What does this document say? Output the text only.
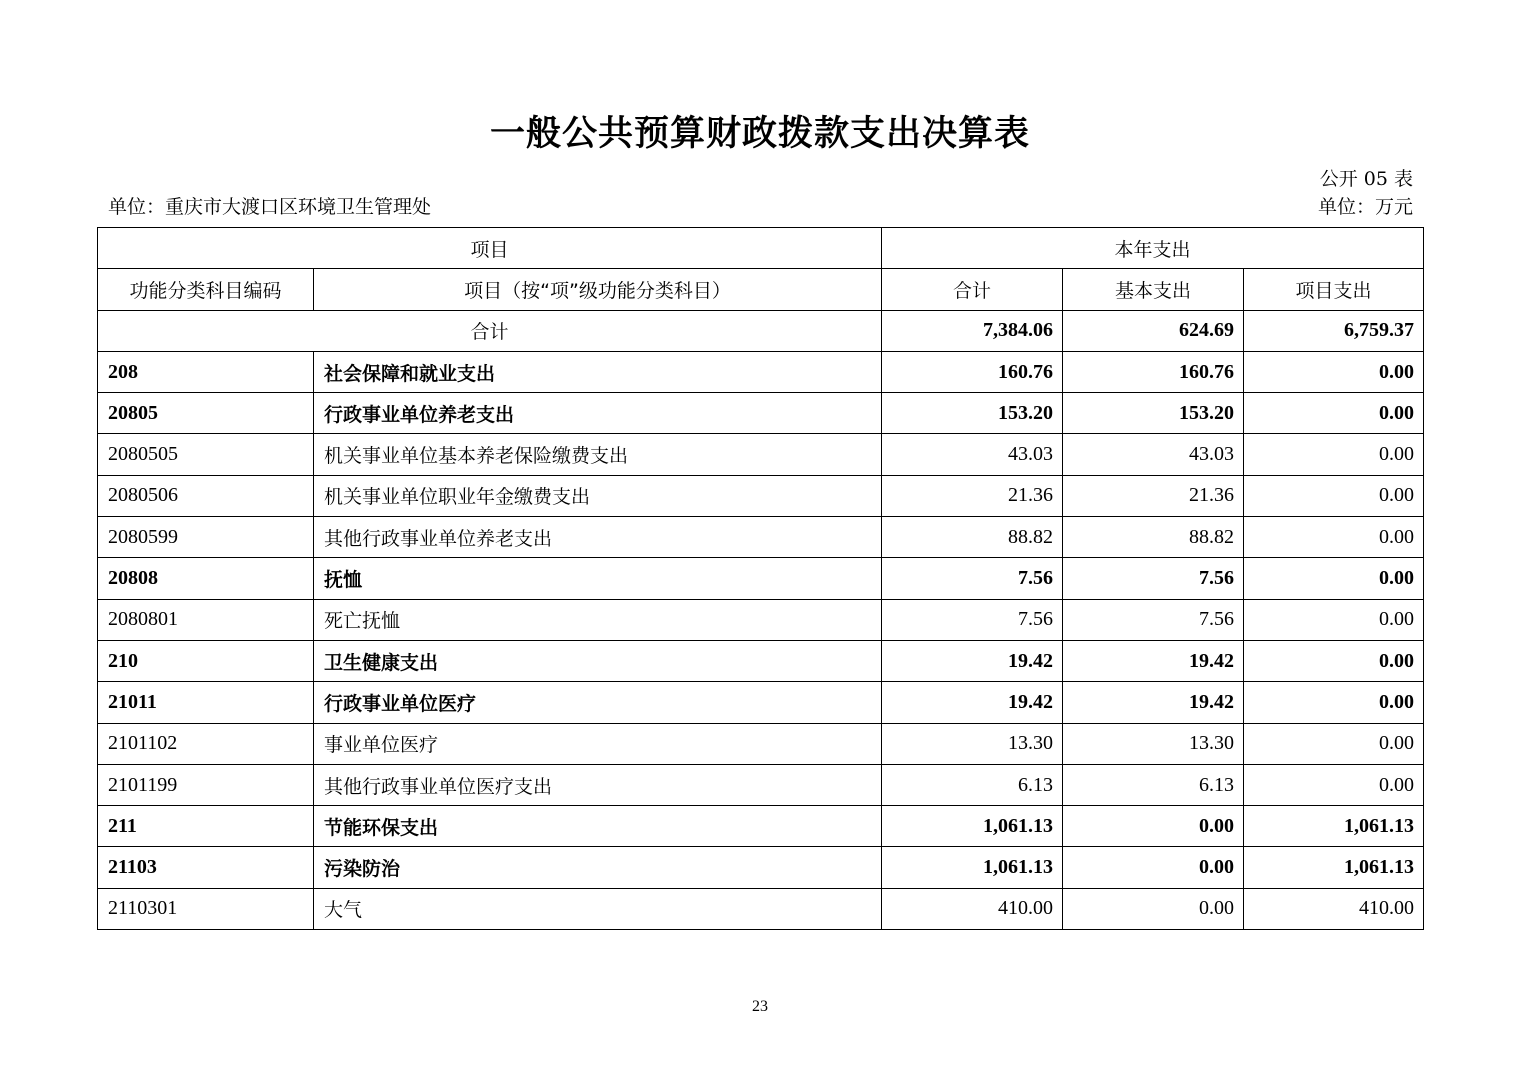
一般公共预算财政拨款支出决算表
公开 05 表
单位：重庆市大渡口区环境卫生管理处	单位：万元
项目		本年支出		
功能分类科目编码	项目（按“项”级功能分类科目）	合计	基本支出	项目支出
合计		7,384.06	624.69	6,759.37
208	社会保障和就业支出	160.76	160.76	0.00
20805	行政事业单位养老支出	153.20	153.20	0.00
2080505	机关事业单位基本养老保险缴费支出	43.03	43.03	0.00
2080506	机关事业单位职业年金缴费支出	21.36	21.36	0.00
2080599	其他行政事业单位养老支出	88.82	88.82	0.00
20808	抚恤	7.56	7.56	0.00
2080801	死亡抚恤	7.56	7.56	0.00
210	卫生健康支出	19.42	19.42	0.00
21011	行政事业单位医疗	19.42	19.42	0.00
2101102	事业单位医疗	13.30	13.30	0.00
2101199	其他行政事业单位医疗支出	6.13	6.13	0.00
211	节能环保支出	1,061.13	0.00	1,061.13
21103	污染防治	1,061.13	0.00	1,061.13
2110301	大气	410.00	0.00	410.00
23
